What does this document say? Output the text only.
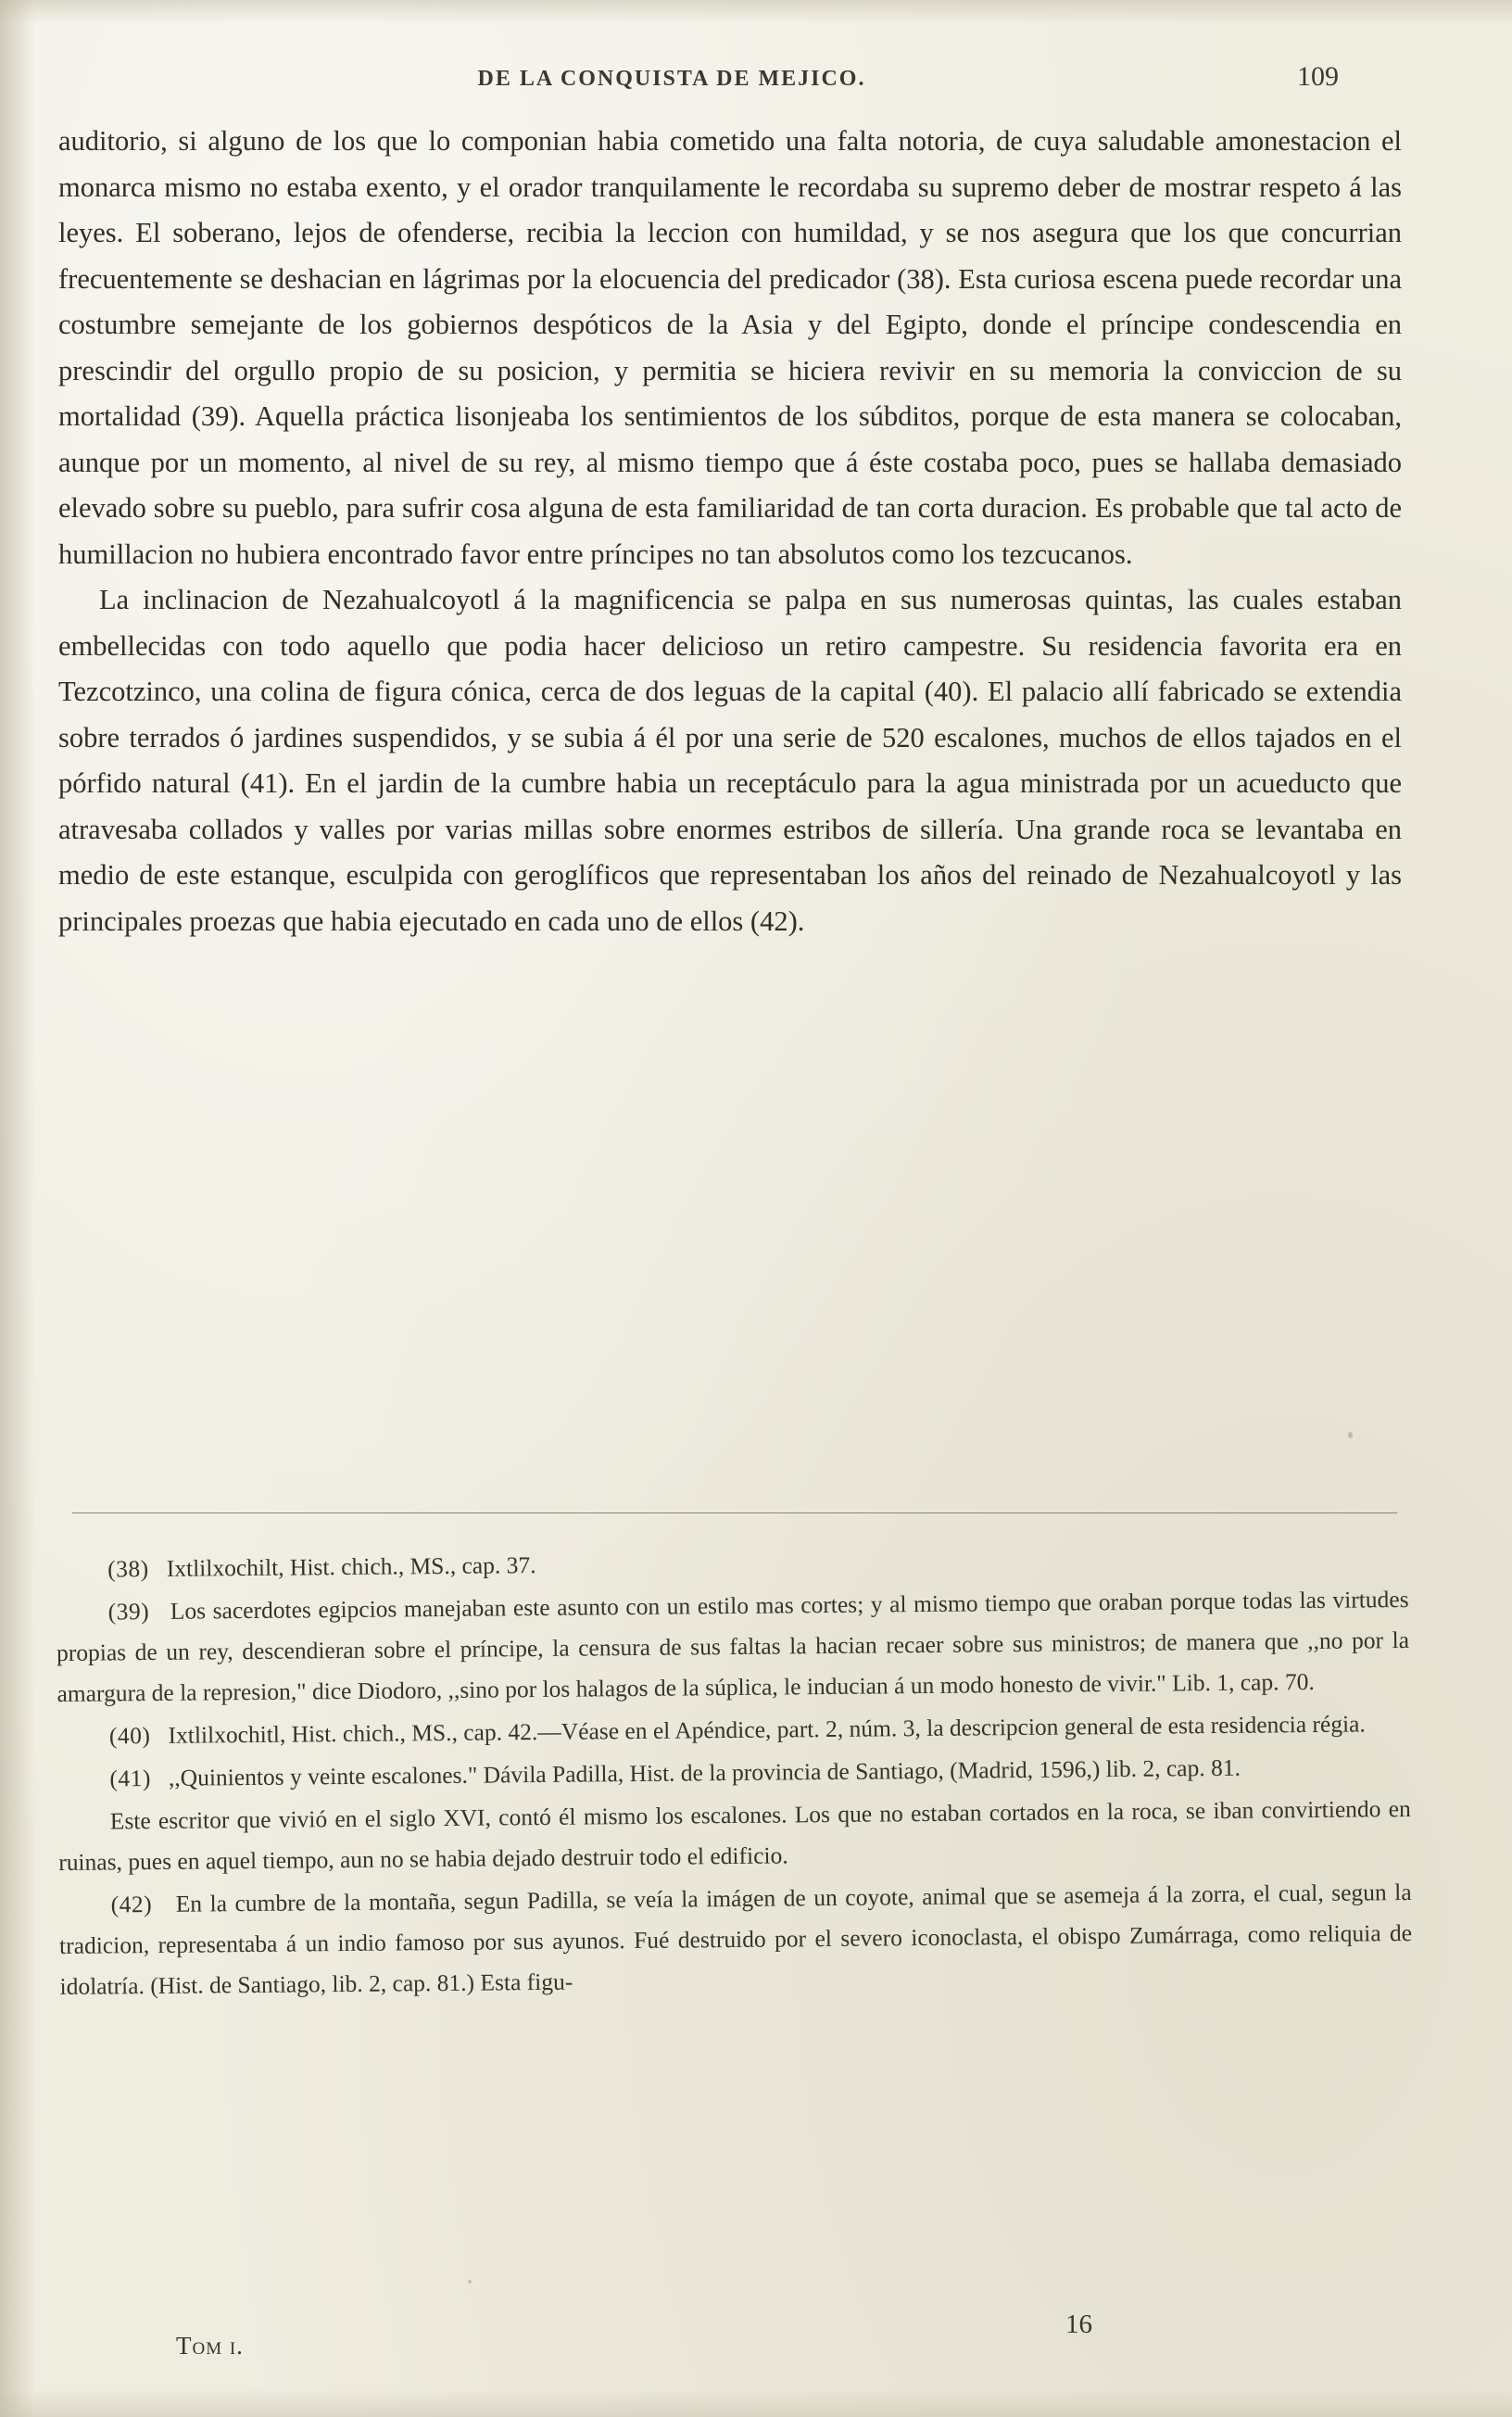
DE LA CONQUISTA DE MEJICO.	109

auditorio, si alguno de los que lo componian habia cometido una falta notoria, de cuya saludable amonestacion el monarca mismo no estaba exento, y el orador tranquilamente le recordaba su supremo deber de mostrar respeto á las leyes. El soberano, lejos de ofenderse, recibia la leccion con humildad, y se nos asegura que los que concurrian frecuentemente se deshacian en lágrimas por la elocuencia del predicador (38). Esta curiosa escena puede recordar una costumbre semejante de los gobiernos despóticos de la Asia y del Egipto, donde el príncipe condescendia en prescindir del orgullo propio de su posicion, y permitia se hiciera revivir en su memoria la conviccion de su mortalidad (39). Aquella práctica lisonjeaba los sentimientos de los súbditos, porque de esta manera se colocaban, aunque por un momento, al nivel de su rey, al mismo tiempo que á éste costaba poco, pues se hallaba demasiado elevado sobre su pueblo, para sufrir cosa alguna de esta familiaridad de tan corta duracion. Es probable que tal acto de humillacion no hubiera encontrado favor entre príncipes no tan absolutos como los tezcucanos.

La inclinacion de Nezahualcoyotl á la magnificencia se palpa en sus numerosas quintas, las cuales estaban embellecidas con todo aquello que podia hacer delicioso un retiro campestre. Su residencia favorita era en Tezcotzinco, una colina de figura cónica, cerca de dos leguas de la capital (40). El palacio allí fabricado se extendia sobre terrados ó jardines suspendidos, y se subia á él por una serie de 520 escalones, muchos de ellos tajados en el pórfido natural (41). En el jardin de la cumbre habia un receptáculo para la agua ministrada por un acueducto que atravesaba collados y valles por varias millas sobre enormes estribos de sillería. Una grande roca se levantaba en medio de este estanque, esculpida con geroglíficos que representaban los años del reinado de Nezahualcoyotl y las principales proezas que habia ejecutado en cada uno de ellos (42).

(38) Ixtlilxochilt, Hist. chich., MS., cap. 37.

(39) Los sacerdotes egipcios manejaban este asunto con un estilo mas cortes; y al mismo tiempo que oraban porque todas las virtudes propias de un rey, descendieran sobre el príncipe, la censura de sus faltas la hacian recaer sobre sus ministros; de manera que ,,no por la amargura de la represion," dice Diodoro, ,,sino por los halagos de la súplica, le inducian á un modo honesto de vivir." Lib. 1, cap. 70.

(40) Ixtlilxochitl, Hist. chich., MS., cap. 42.—Véase en el Apéndice, part. 2, núm. 3, la descripcion general de esta residencia régia.

(41) ,,Quinientos y veinte escalones." Dávila Padilla, Hist. de la provincia de Santiago, (Madrid, 1596,) lib. 2, cap. 81.

Este escritor que vivió en el siglo XVI, contó él mismo los escalones. Los que no estaban cortados en la roca, se iban convirtiendo en ruinas, pues en aquel tiempo, aun no se habia dejado destruir todo el edificio.

(42) En la cumbre de la montaña, segun Padilla, se veía la imágen de un coyote, animal que se asemeja á la zorra, el cual, segun la tradicion, representaba á un indio famoso por sus ayunos. Fué destruido por el severo iconoclasta, el obispo Zumárraga, como reliquia de idolatría. (Hist. de Santiago, lib. 2, cap. 81.) Esta figu-

Tom i.
16
